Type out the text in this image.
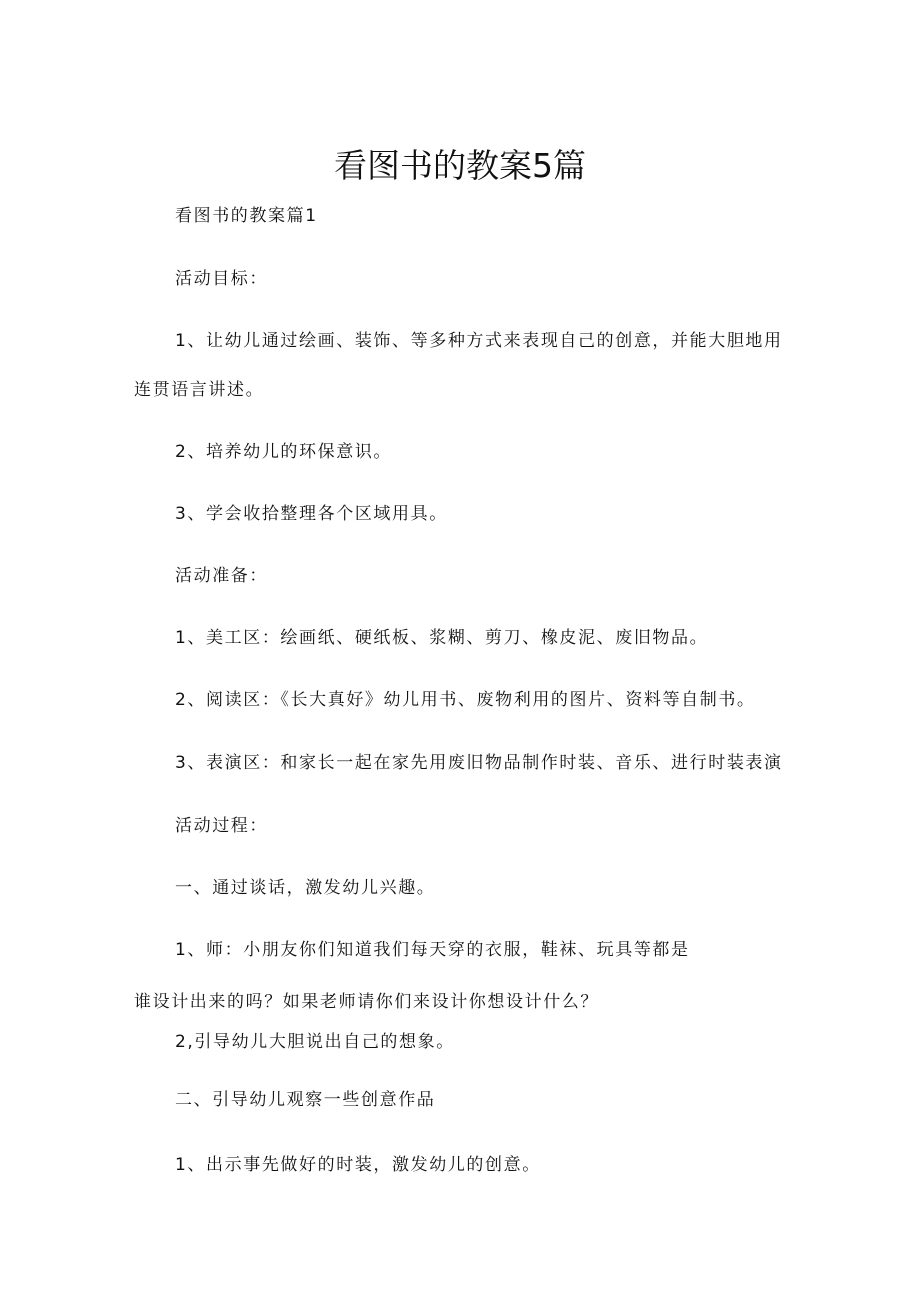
看图书的教案5篇
看图书的教案篇1
活动目标：
1、让幼儿通过绘画、装饰、等多种方式来表现自己的创意，并能大胆地用
连贯语言讲述。
2、培养幼儿的环保意识。
3、学会收拾整理各个区域用具。
活动准备：
1、美工区：绘画纸、硬纸板、浆糊、剪刀、橡皮泥、废旧物品。
2、阅读区：《长大真好》幼儿用书、废物利用的图片、资料等自制书。
3、表演区：和家长一起在家先用废旧物品制作时装、音乐、进行时装表演
活动过程：
一、通过谈话，激发幼儿兴趣。
1、师：小朋友你们知道我们每天穿的衣服，鞋袜、玩具等都是
谁设计出来的吗？如果老师请你们来设计你想设计什么？
2,引导幼儿大胆说出自己的想象。
二、引导幼儿观察一些创意作品
1、出示事先做好的时装，激发幼儿的创意。
